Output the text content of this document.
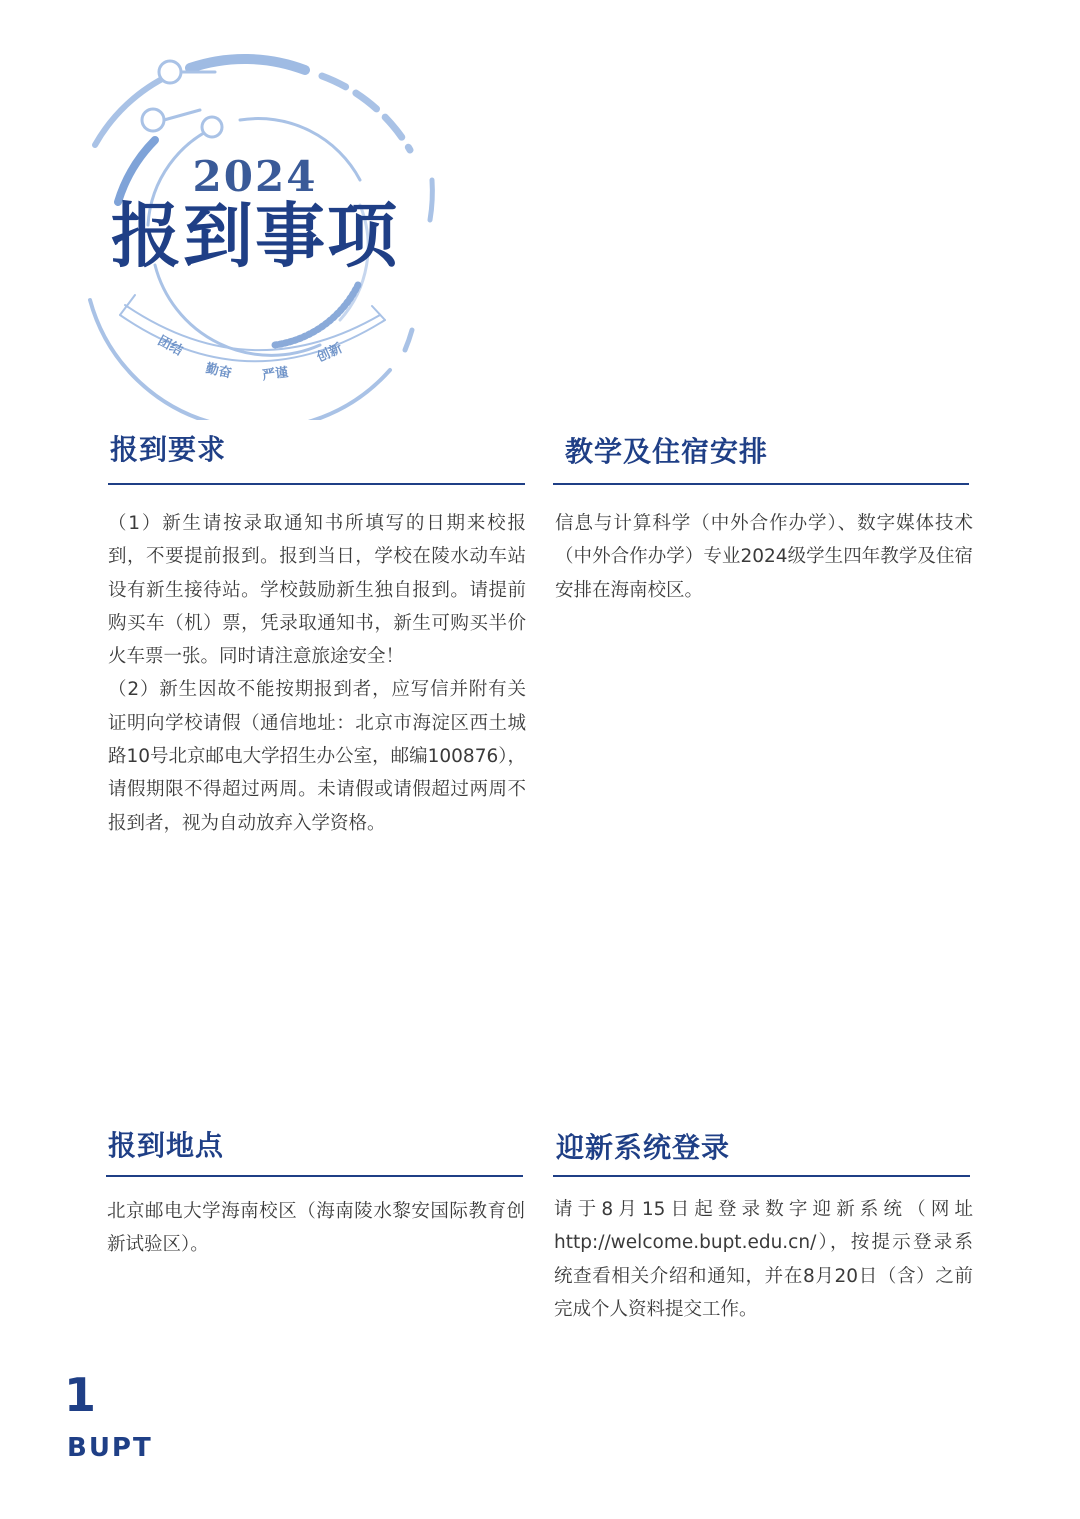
团结
勤奋 严谨
创新
2024
报到事项
报到要求

（1）新生请按录取通知书所填写的日期来校报到，不要提前报到。报到当日，学校在陵水动车站设有新生接待站。学校鼓励新生独自报到。请提前购买车（机）票，凭录取通知书，新生可购买半价火车票一张。同时请注意旅途安全！

（2）新生因故不能按期报到者，应写信并附有关证明向学校请假（通信地址：北京市海淀区西土城路10号北京邮电大学招生办公室，邮编100876），请假期限不得超过两周。未请假或请假超过两周不报到者，视为自动放弃入学资格。

教学及住宿安排

信息与计算科学（中外合作办学）、数字媒体技术（中外合作办学）专业2024级学生四年教学及住宿安排在海南校区。

报到地点

北京邮电大学海南校区（海南陵水黎安国际教育创新试验区）。

迎新系统登录

请于8月15日起登录数字迎新系统（网址http://welcome.bupt.edu.cn/），按提示登录系统查看相关介绍和通知，并在8月20日（含）之前完成个人资料提交工作。

1
BUPT
